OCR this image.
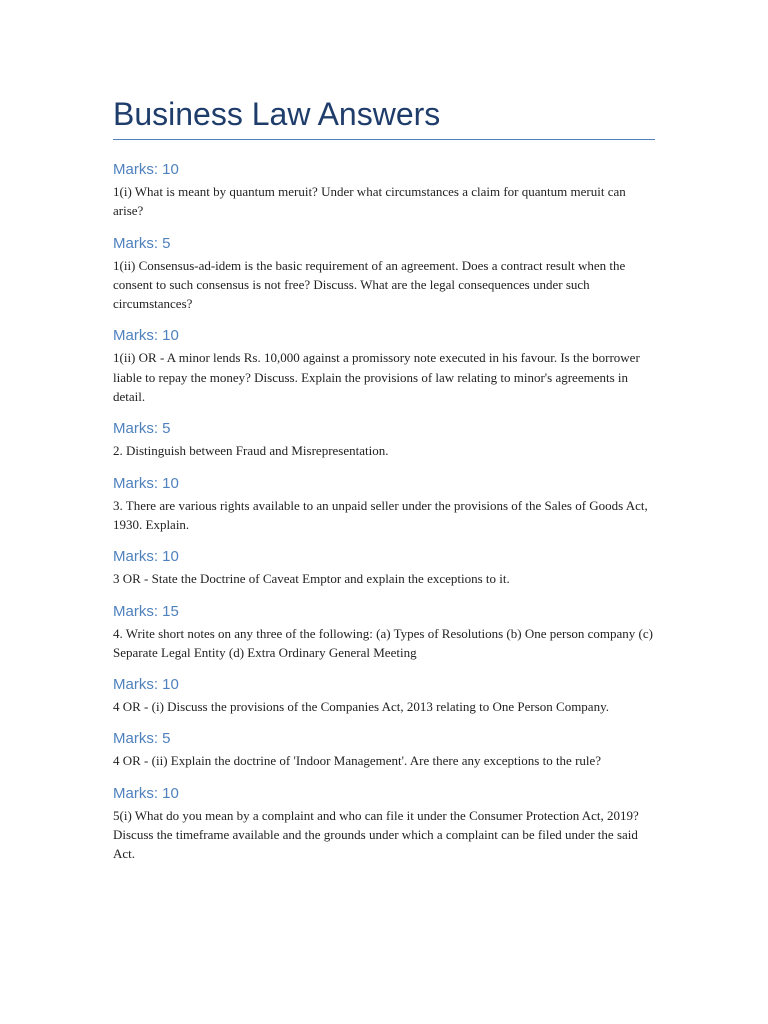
Business Law Answers
Marks: 10

1(i) What is meant by quantum meruit? Under what circumstances a claim for quantum meruit can arise?

Marks: 5

1(ii) Consensus-ad-idem is the basic requirement of an agreement. Does a contract result when the consent to such consensus is not free? Discuss. What are the legal consequences under such circumstances?

Marks: 10

1(ii) OR - A minor lends Rs. 10,000 against a promissory note executed in his favour. Is the borrower liable to repay the money? Discuss. Explain the provisions of law relating to minor's agreements in detail.

Marks: 5

2. Distinguish between Fraud and Misrepresentation.

Marks: 10

3. There are various rights available to an unpaid seller under the provisions of the Sales of Goods Act, 1930. Explain.

Marks: 10

3 OR - State the Doctrine of Caveat Emptor and explain the exceptions to it.

Marks: 15

4. Write short notes on any three of the following: (a) Types of Resolutions (b) One person company (c) Separate Legal Entity (d) Extra Ordinary General Meeting

Marks: 10

4 OR - (i) Discuss the provisions of the Companies Act, 2013 relating to One Person Company.

Marks: 5

4 OR - (ii) Explain the doctrine of 'Indoor Management'. Are there any exceptions to the rule?

Marks: 10

5(i) What do you mean by a complaint and who can file it under the Consumer Protection Act, 2019? Discuss the timeframe available and the grounds under which a complaint can be filed under the said Act.
